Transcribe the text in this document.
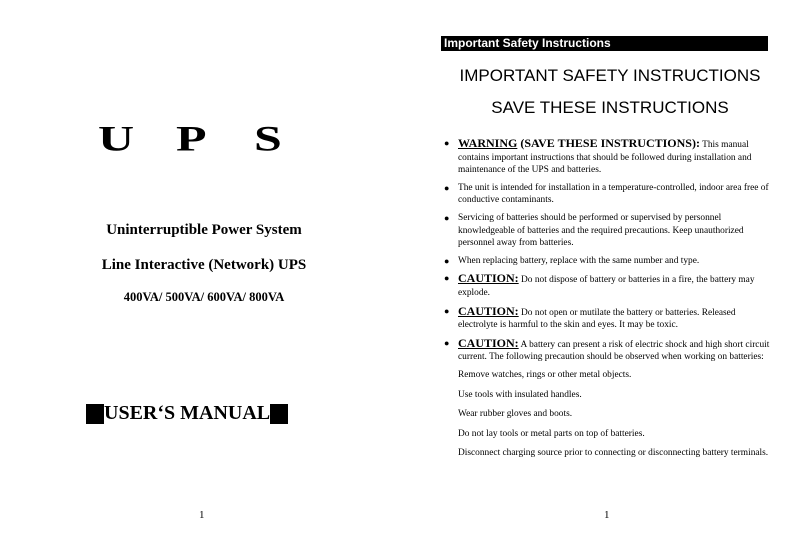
U P S
Uninterruptible Power System
Line Interactive (Network) UPS
400VA/ 500VA/ 600VA/ 800VA
USER‘S MANUAL
1
Important Safety Instructions
IMPORTANT SAFETY INSTRUCTIONS
SAVE THESE INSTRUCTIONS
● WARNING (SAVE THESE INSTRUCTIONS): This manual contains important instructions that should be followed during installation and maintenance of the UPS and batteries.
● The unit is intended for installation in a temperature-controlled, indoor area free of conductive contaminants.
● Servicing of batteries should be performed or supervised by personnel knowledgeable of batteries and the required precautions. Keep unauthorized personnel away from batteries.
● When replacing battery, replace with the same number and type.
● CAUTION: Do not dispose of battery or batteries in a fire, the battery may explode.
● CAUTION: Do not open or mutilate the battery or batteries. Released electrolyte is harmful to the skin and eyes. It may be toxic.
● CAUTION: A battery can present a risk of electric shock and high short circuit current. The following precaution should be observed when working on batteries:
Remove watches, rings or other metal objects.
Use tools with insulated handles.
Wear rubber gloves and boots.
Do not lay tools or metal parts on top of batteries.
Disconnect charging source prior to connecting or disconnecting battery terminals.
1
